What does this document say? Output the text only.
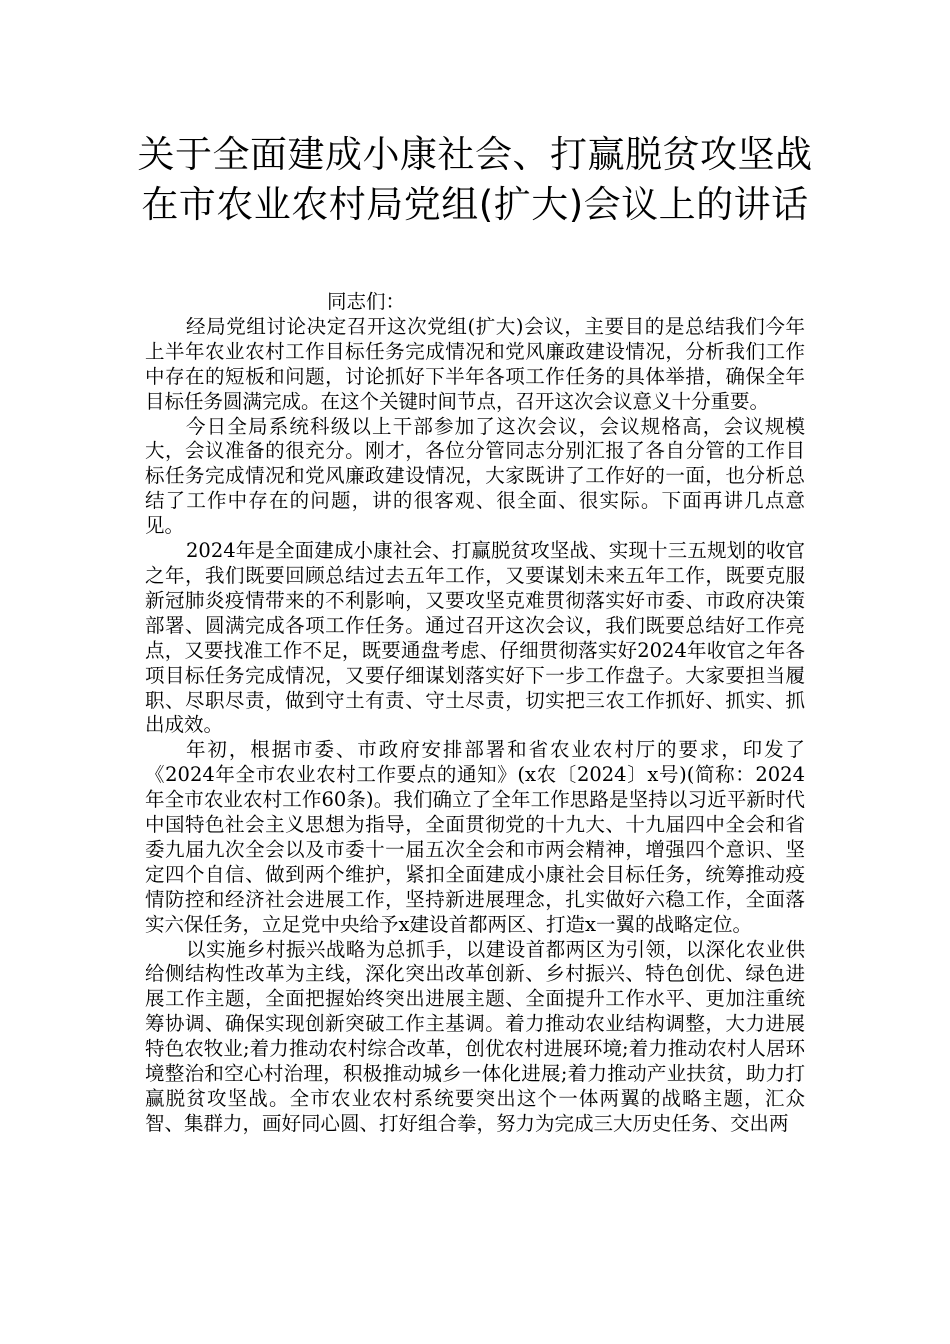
关于全面建成小康社会、打赢脱贫攻坚战在市农业农村局党组(扩大)会议上的讲话

同志们：

经局党组讨论决定召开这次党组(扩大)会议，主要目的是总结我们今年上半年农业农村工作目标任务完成情况和党风廉政建设情况，分析我们工作中存在的短板和问题，讨论抓好下半年各项工作任务的具体举措，确保全年目标任务圆满完成。在这个关键时间节点，召开这次会议意义十分重要。

今日全局系统科级以上干部参加了这次会议，会议规格高，会议规模大，会议准备的很充分。刚才，各位分管同志分别汇报了各自分管的工作目标任务完成情况和党风廉政建设情况，大家既讲了工作好的一面，也分析总结了工作中存在的问题，讲的很客观、很全面、很实际。下面再讲几点意见。

2024年是全面建成小康社会、打赢脱贫攻坚战、实现十三五规划的收官之年，我们既要回顾总结过去五年工作，又要谋划未来五年工作，既要克服新冠肺炎疫情带来的不利影响，又要攻坚克难贯彻落实好市委、市政府决策部署、圆满完成各项工作任务。通过召开这次会议，我们既要总结好工作亮点，又要找准工作不足，既要通盘考虑、仔细贯彻落实好2024年收官之年各项目标任务完成情况，又要仔细谋划落实好下一步工作盘子。大家要担当履职、尽职尽责，做到守土有责、守土尽责，切实把三农工作抓好、抓实、抓出成效。

年初，根据市委、市政府安排部署和省农业农村厅的要求，印发了《2024年全市农业农村工作要点的通知》(x农〔2024〕x号)(简称：2024年全市农业农村工作60条)。我们确立了全年工作思路是坚持以习近平新时代中国特色社会主义思想为指导，全面贯彻党的十九大、十九届四中全会和省委九届九次全会以及市委十一届五次全会和市两会精神，增强四个意识、坚定四个自信、做到两个维护，紧扣全面建成小康社会目标任务，统筹推动疫情防控和经济社会进展工作，坚持新进展理念，扎实做好六稳工作，全面落实六保任务，立足党中央给予x建设首都两区、打造x一翼的战略定位。

以实施乡村振兴战略为总抓手，以建设首都两区为引领，以深化农业供给侧结构性改革为主线，深化突出改革创新、乡村振兴、特色创优、绿色进展工作主题，全面把握始终突出进展主题、全面提升工作水平、更加注重统筹协调、确保实现创新突破工作主基调。着力推动农业结构调整，大力进展特色农牧业;着力推动农村综合改革，创优农村进展环境;着力推动农村人居环境整治和空心村治理，积极推动城乡一体化进展;着力推动产业扶贫，助力打赢脱贫攻坚战。全市农业农村系统要突出这个一体两翼的战略主题，汇众智、集群力，画好同心圆、打好组合拳，努力为完成三大历史任务、交出两
